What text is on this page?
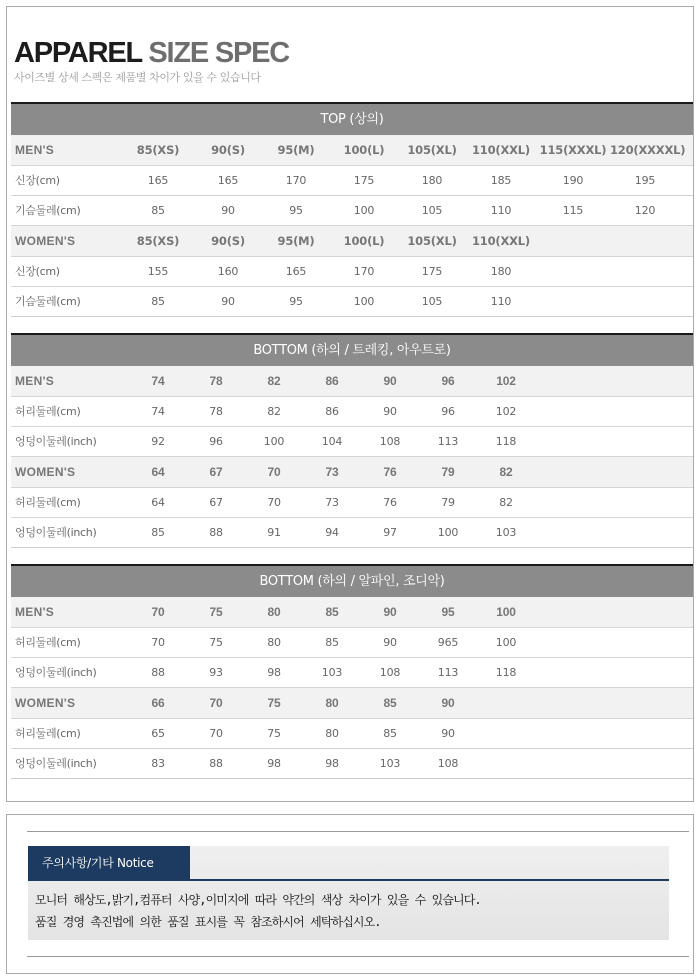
APPAREL SIZE SPEC
사이즈별 상세 스펙은 제품별 차이가 있을 수 있습니다
TOP (상의)
MEN'S	85(XS)	90(S)	95(M)	100(L)	105(XL)	110(XXL) 115(XXXL) 120(XXXXL)
신장(cm)	165	165	170	175	180	185	190	195
기슴둘레(cm)	85	90	95	100	105	110	115	120
WOMEN'S	85(XS)	90(S)	95(M)	100(L)	105(XL)	110(XXL)
신장(cm)	155	160	165	170	175	180
기슴둘레(cm)	85	90	95	100	105	110
BOTTOM (하의 / 트레킹, 아우트로)
MEN'S	74	78	82	86	90	96	102
허리둘레(cm)	74	78	82	86	90	96	102
엉덩이둘레(inch)	92	96	100	104	108	113	118
WOMEN'S	64	67	70	73	76	79	82
허리둘레(cm)	64	67	70	73	76	79	82
엉덩이둘레(inch)	85	88	91	94	97	100	103
BOTTOM (하의 / 알파인, 조디악)
MEN'S	70	75	80	85	90	95	100
허리둘레(cm)	70	75	80	85	90	965	100
엉덩이둘레(inch)	88	93	98	103	108	113	118
WOMEN'S	66	70	75	80	85	90
허리둘레(cm)	65	70	75	80	85	90
엉덩이둘레(inch)	83	88	98	98	103	108
주의사항/기타 Notice
모니터 해상도,밝기,컴퓨터 사양,이미지에 따라 약간의 색상 차이가 있을 수 있습니다.
품질 경영 촉진법에 의한 품질 표시를 꼭 참조하시어 세탁하십시오.
